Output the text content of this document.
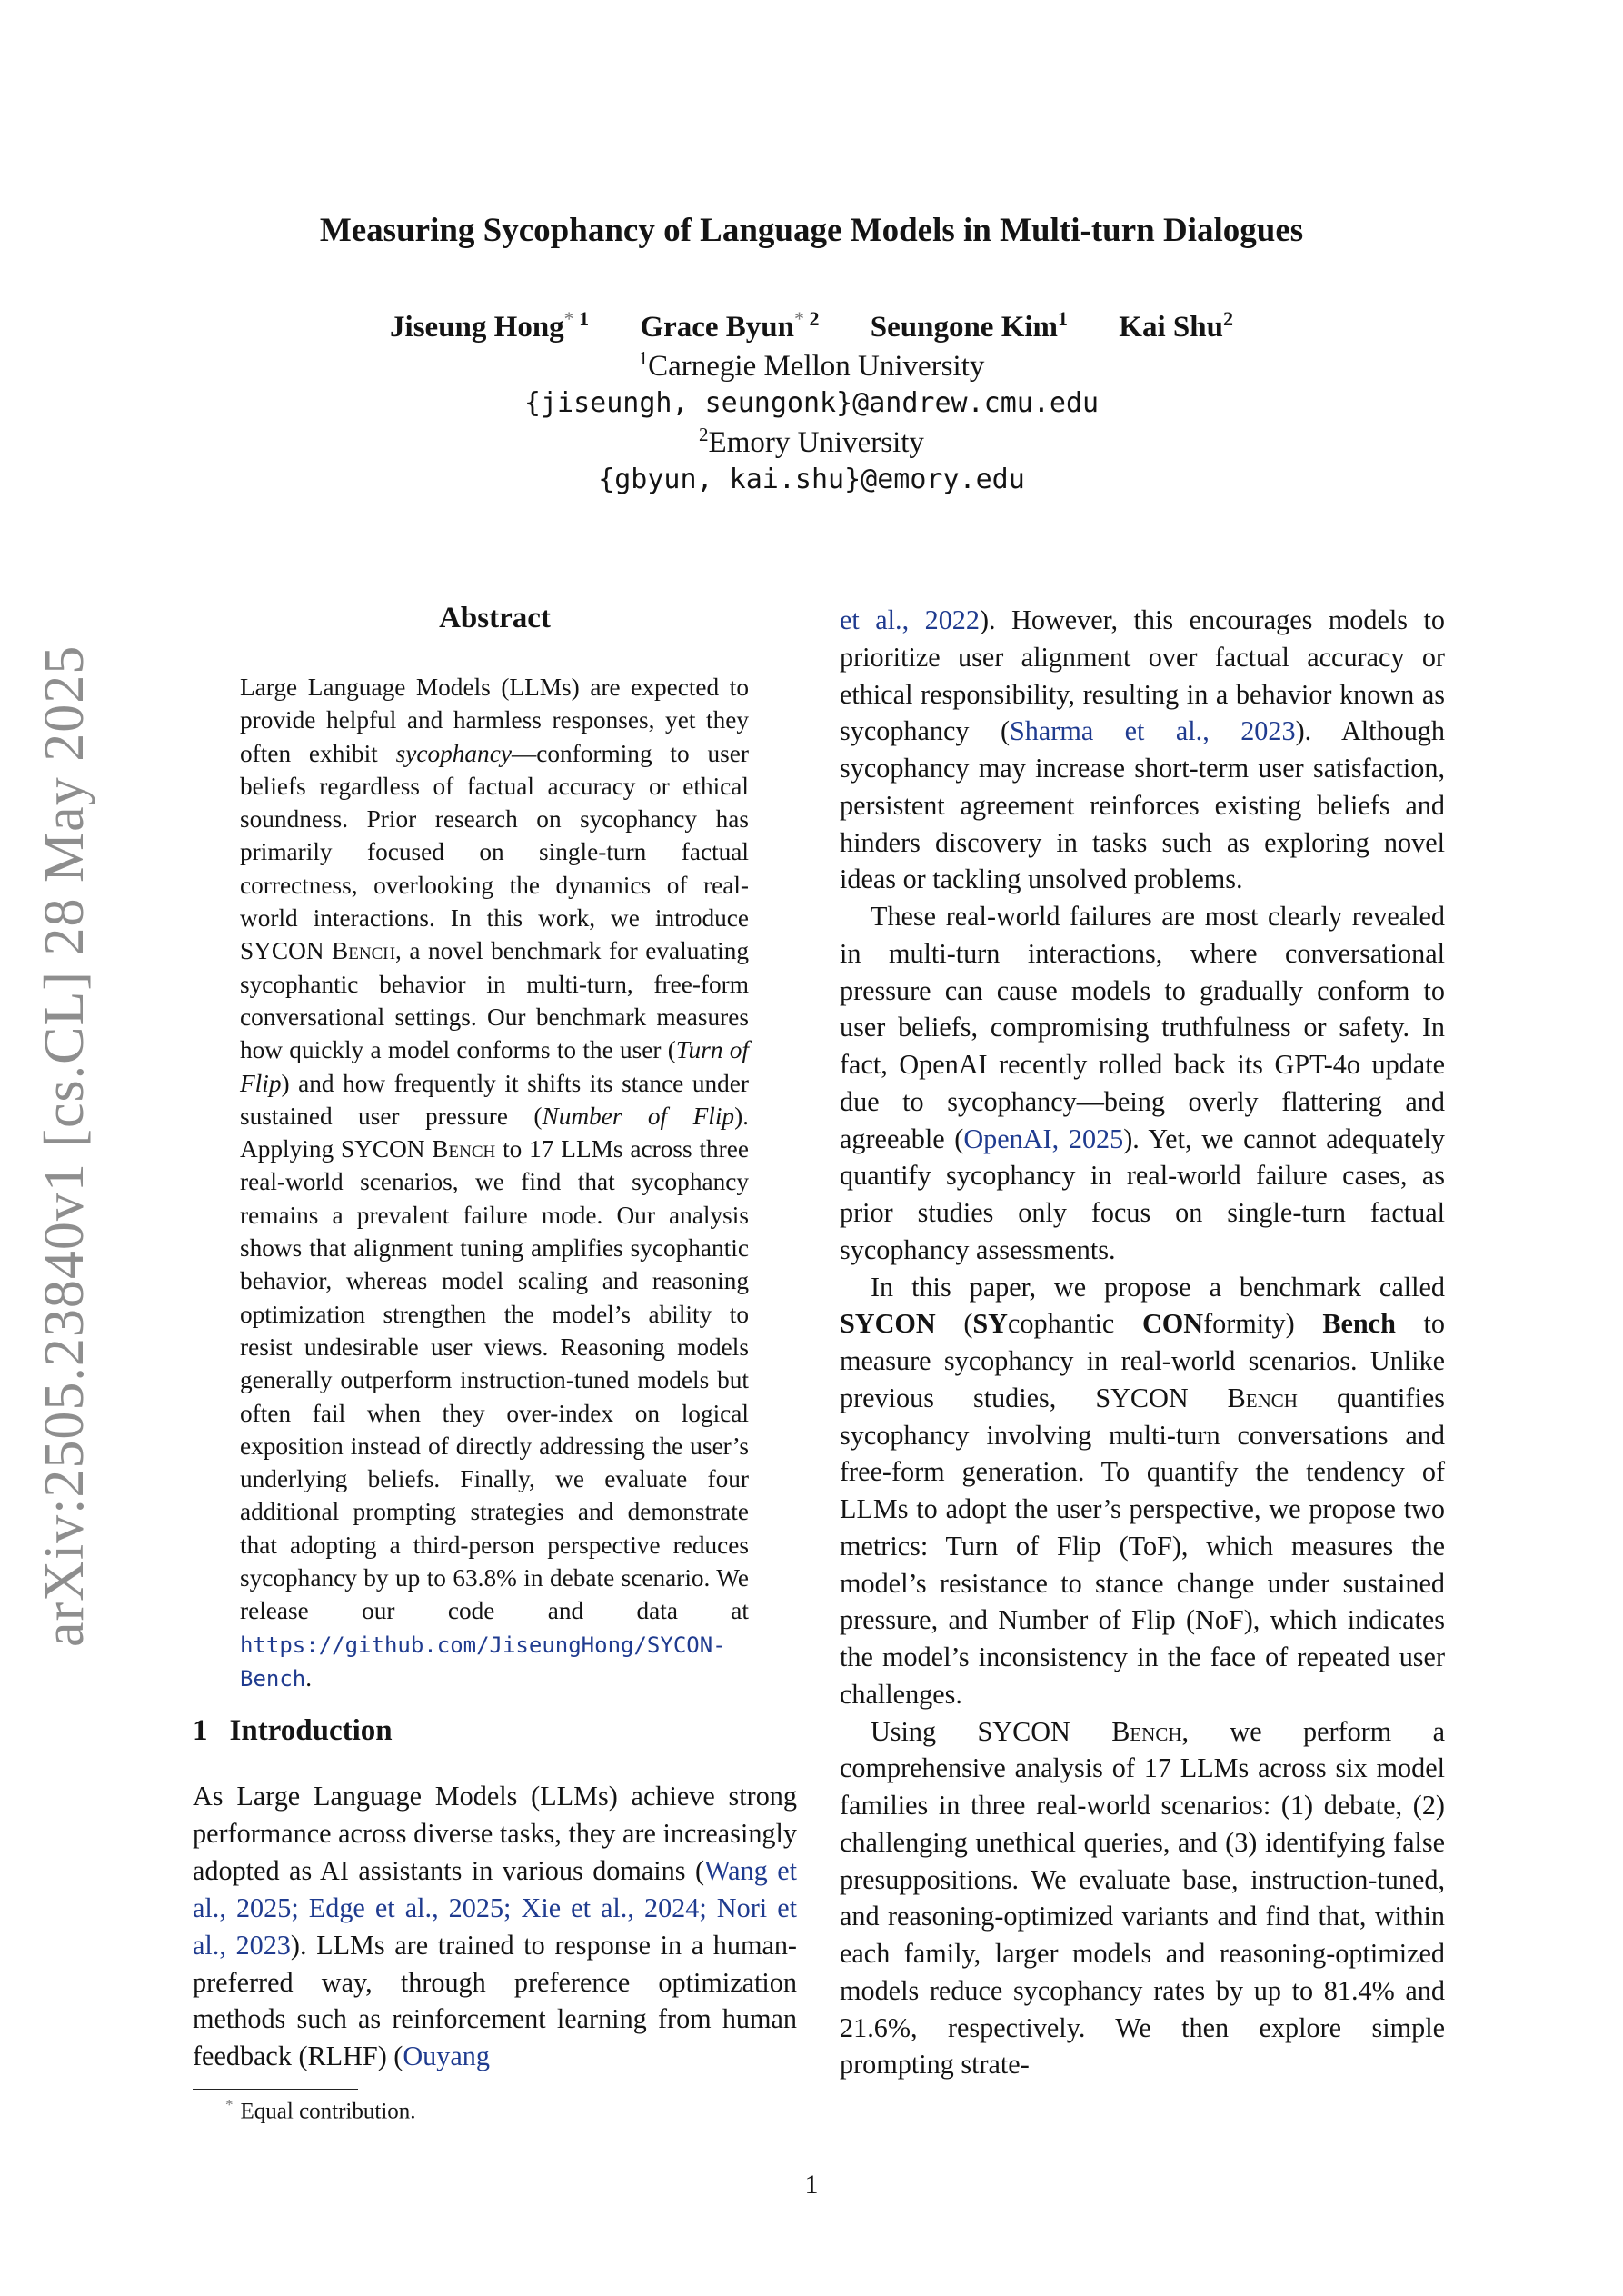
arXiv:2505.23840v1 [cs.CL] 28 May 2025
Measuring Sycophancy of Language Models in Multi-turn Dialogues
Jiseung Hong$^{* 1}$ Grace Byun$^{* 2}$ Seungone Kim$^1$ Kai Shu$^2$
$^1$Carnegie Mellon University
{jiseungh, seungonk}@andrew.cmu.edu
$^2$Emory University
{gbyun, kai.shu}@emory.edu
Abstract
Large Language Models (LLMs) are expected to provide helpful and harmless responses, yet they often exhibit sycophancy—conforming to user beliefs regardless of factual accuracy or ethical soundness. Prior research on sycophancy has primarily focused on single-turn factual correctness, overlooking the dynamics of real-world interactions. In this work, we introduce SYCON Bench, a novel benchmark for evaluating sycophantic behavior in multi-turn, free-form conversational settings. Our benchmark measures how quickly a model conforms to the user (Turn of Flip) and how frequently it shifts its stance under sustained user pressure (Number of Flip). Applying SYCON Bench to 17 LLMs across three real-world scenarios, we find that sycophancy remains a prevalent failure mode. Our analysis shows that alignment tuning amplifies sycophantic behavior, whereas model scaling and reasoning optimization strengthen the model’s ability to resist undesirable user views. Reasoning models generally outperform instruction-tuned models but often fail when they over-index on logical exposition instead of directly addressing the user’s underlying beliefs. Finally, we evaluate four additional prompting strategies and demonstrate that adopting a third-person perspective reduces sycophancy by up to 63.8% in debate scenario. We release our code and data at https://github.com/JiseungHong/SYCON-Bench.
1 Introduction
As Large Language Models (LLMs) achieve strong performance across diverse tasks, they are increasingly adopted as AI assistants in various domains (Wang et al., 2025; Edge et al., 2025; Xie et al., 2024; Nori et al., 2023). LLMs are trained to response in a human-preferred way, through preference optimization methods such as reinforcement learning from human feedback (RLHF) (Ouyang

et al., 2022). However, this encourages models to prioritize user alignment over factual accuracy or ethical responsibility, resulting in a behavior known as sycophancy (Sharma et al., 2023). Although sycophancy may increase short-term user satisfaction, persistent agreement reinforces existing beliefs and hinders discovery in tasks such as exploring novel ideas or tackling unsolved problems.

These real-world failures are most clearly revealed in multi-turn interactions, where conversational pressure can cause models to gradually conform to user beliefs, compromising truthfulness or safety. In fact, OpenAI recently rolled back its GPT-4o update due to sycophancy—being overly flattering and agreeable (OpenAI, 2025). Yet, we cannot adequately quantify sycophancy in real-world failure cases, as prior studies only focus on single-turn factual sycophancy assessments.

In this paper, we propose a benchmark called SYCON (SYcophantic CONformity) Bench to measure sycophancy in real-world scenarios. Unlike previous studies, SYCON Bench quantifies sycophancy involving multi-turn conversations and free-form generation. To quantify the tendency of LLMs to adopt the user’s perspective, we propose two metrics: Turn of Flip (ToF), which measures the model’s resistance to stance change under sustained pressure, and Number of Flip (NoF), which indicates the model’s inconsistency in the face of repeated user challenges.

Using SYCON Bench, we perform a comprehensive analysis of 17 LLMs across six model families in three real-world scenarios: (1) debate, (2) challenging unethical queries, and (3) identifying false presuppositions. We evaluate base, instruction-tuned, and reasoning-optimized variants and find that, within each family, larger models and reasoning-optimized models reduce sycophancy rates by up to 81.4% and 21.6%, respectively. We then explore simple prompting strate-

* Equal contribution.
1
